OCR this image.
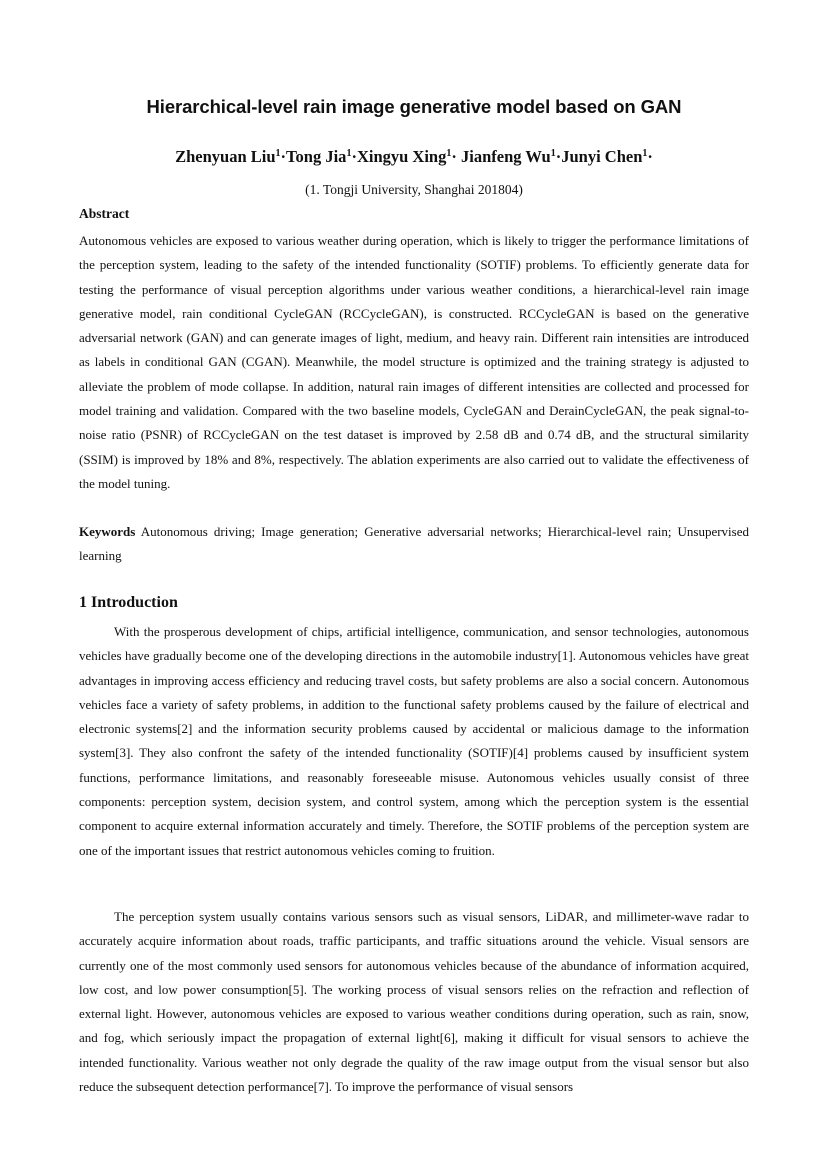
Hierarchical-level rain image generative model based on GAN
Zhenyuan Liu$^1$·Tong Jia$^1$·Xingyu Xing$^1$· Jianfeng $Wu^1\cdot Junyi$ Chen$^1$·
(1. Tongji University, Shanghai 201804)
Abstract

Autonomous vehicles are exposed to various weather during operation, which is likely to trigger the performance limitations of the perception system, leading to the safety of the intended functionality (SOTIF) problems. To efficiently generate data for testing the performance of visual perception algorithms under various weather conditions, a hierarchical-level rain image generative model, rain conditional CycleGAN (RCCycleGAN), is constructed. RCCycleGAN is based on the generative adversarial network (GAN) and can generate images of light, medium, and heavy rain. Different rain intensities are introduced as labels in conditional GAN (CGAN). Meanwhile, the model structure is optimized and the training strategy is adjusted to alleviate the problem of mode collapse. In addition, natural rain images of different intensities are collected and processed for model training and validation. Compared with the two baseline models, CycleGAN and DerainCycleGAN, the peak signal-to-noise ratio (PSNR) of RCCycleGAN on the test dataset is improved by 2.58 dB and 0.74 dB, and the structural similarity (SSIM) is improved by 18% and 8%, respectively. The ablation experiments are also carried out to validate the effectiveness of the model tuning.

Keywords Autonomous driving; Image generation; Generative adversarial networks; Hierarchical-level rain; Unsupervised learning

1 Introduction

With the prosperous development of chips, artificial intelligence, communication, and sensor technologies, autonomous vehicles have gradually become one of the developing directions in the automobile industry[1]. Autonomous vehicles have great advantages in improving access efficiency and reducing travel costs, but safety problems are also a social concern. Autonomous vehicles face a variety of safety problems, in addition to the functional safety problems caused by the failure of electrical and electronic systems[2] and the information security problems caused by accidental or malicious damage to the information system[3]. They also confront the safety of the intended functionality (SOTIF)[4] problems caused by insufficient system functions, performance limitations, and reasonably foreseeable misuse. Autonomous vehicles usually consist of three components: perception system, decision system, and control system, among which the perception system is the essential component to acquire external information accurately and timely. Therefore, the SOTIF problems of the perception system are one of the important issues that restrict autonomous vehicles coming to fruition.

The perception system usually contains various sensors such as visual sensors, LiDAR, and millimeter-wave radar to accurately acquire information about roads, traffic participants, and traffic situations around the vehicle. Visual sensors are currently one of the most commonly used sensors for autonomous vehicles because of the abundance of information acquired, low cost, and low power consumption[5]. The working process of visual sensors relies on the refraction and reflection of external light. However, autonomous vehicles are exposed to various weather conditions during operation, such as rain, snow, and fog, which seriously impact the propagation of external light[6], making it difficult for visual sensors to achieve the intended functionality. Various weather not only degrade the quality of the raw image output from the visual sensor but also reduce the subsequent detection performance[7]. To improve the performance of visual sensors
